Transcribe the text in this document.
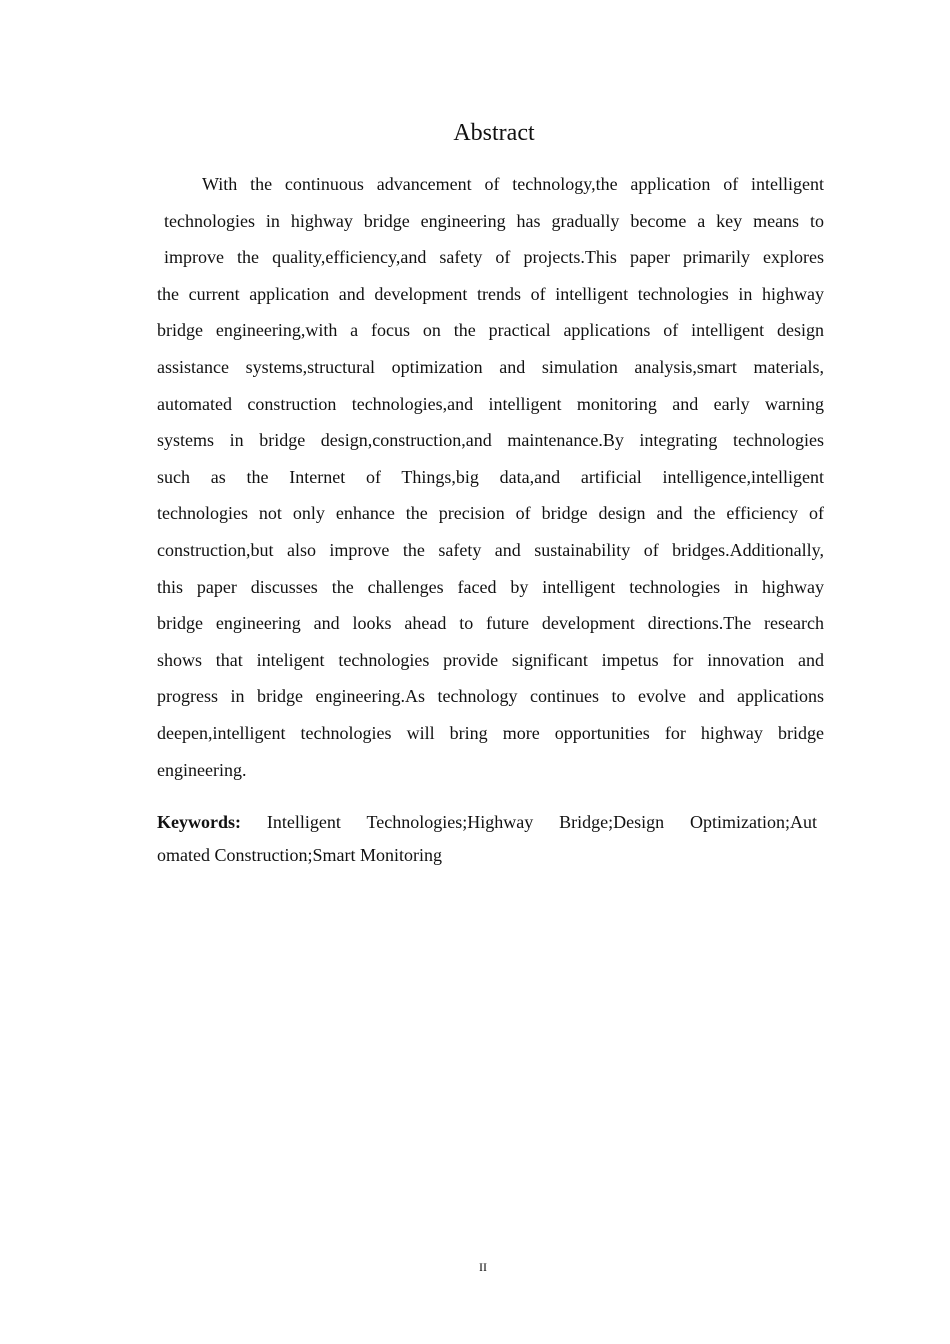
Abstract
With the continuous advancement of technology,the application of intelligent
technologies in highway bridge engineering has gradually become a key means to
improve the quality,efficiency,and safety of projects.This paper primarily explores
the current application and development trends of intelligent technologies in highway
bridge engineering,with a focus on the practical applications of intelligent design
assistance systems,structural optimization and simulation analysis,smart materials,
automated construction technologies,and intelligent monitoring and early warning
systems in bridge design,construction,and maintenance.By integrating technologies
such as the Internet of Things,big data,and artificial intelligence,intelligent
technologies not only enhance the precision of bridge design and the efficiency of
construction,but also improve the safety and sustainability of bridges.Additionally,
this paper discusses the challenges faced by intelligent technologies in highway
bridge engineering and looks ahead to future development directions.The research
shows that inteligent technologies provide significant impetus for innovation and
progress in bridge engineering.As technology continues to evolve and applications
deepen,intelligent technologies will bring more opportunities for highway bridge
engineering.
Keywords: Intelligent Technologies;Highway Bridge;Design Optimization;Aut
omated Construction;Smart Monitoring
II
